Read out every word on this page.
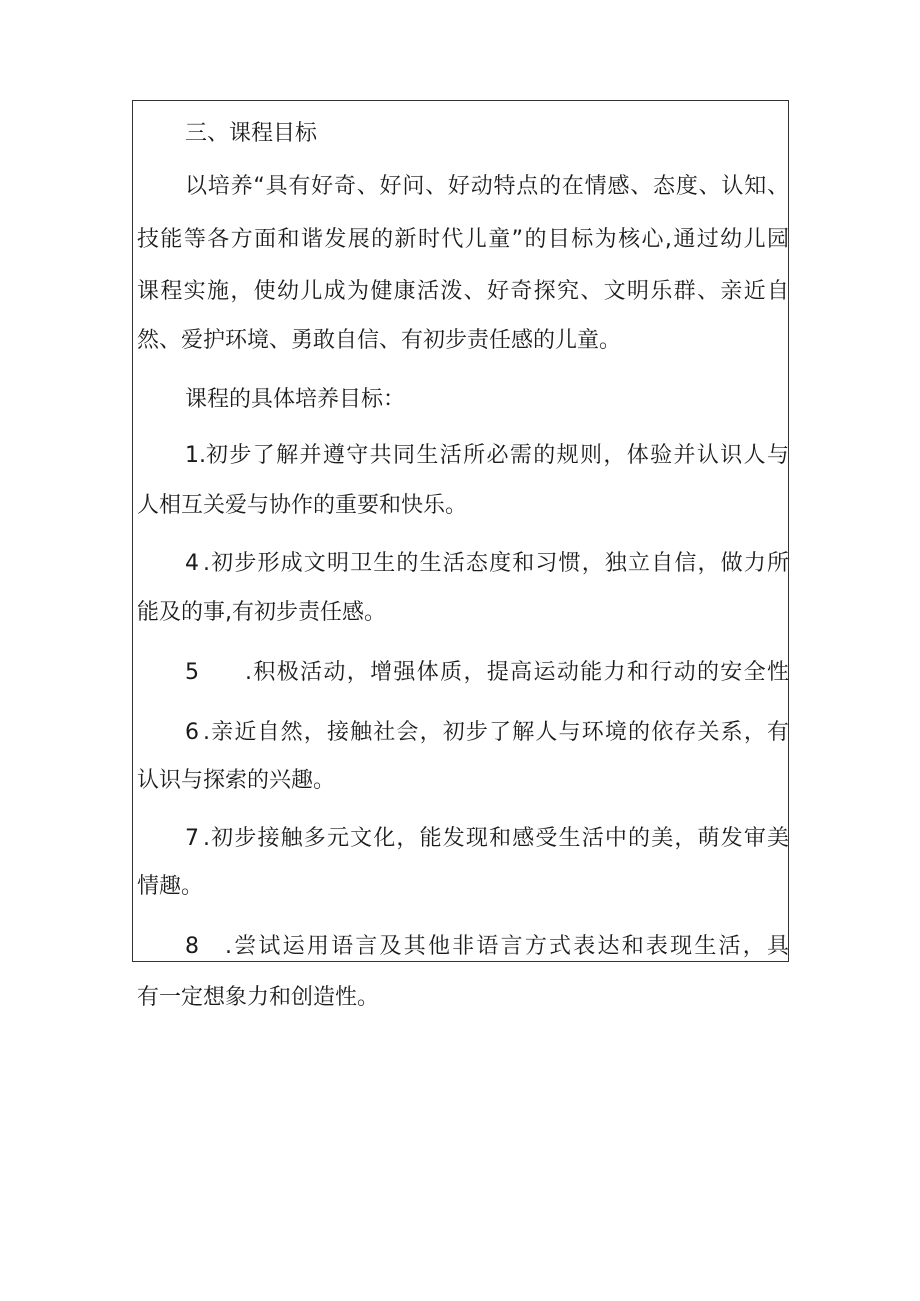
三、课程目标
以培养“具有好奇、好问、好动特点的在情感、态度、认知、
技能等各方面和谐发展的新时代儿童”的目标为核心,通过幼儿园
课程实施，使幼儿成为健康活泼、好奇探究、文明乐群、亲近自
然、爱护环境、勇敢自信、有初步责任感的儿童。
课程的具体培养目标：
1. 初步了解并遵守共同生活所必需的规则，体验并认识人与
人相互关爱与协作的重要和快乐。
4 .初步形成文明卫生的生活态度和习惯，独立自信，做力所
能及的事,有初步责任感。
5	.积极活动，增强体质，提高运动能力和行动的安全性
6 .亲近自然，接触社会，初步了解人与环境的依存关系，有
认识与探索的兴趣。
7 .初步接触多元文化，能发现和感受生活中的美，萌发审美
情趣。
8	.尝试运用语言及其他非语言方式表达和表现生活，具
有一定想象力和创造性。
